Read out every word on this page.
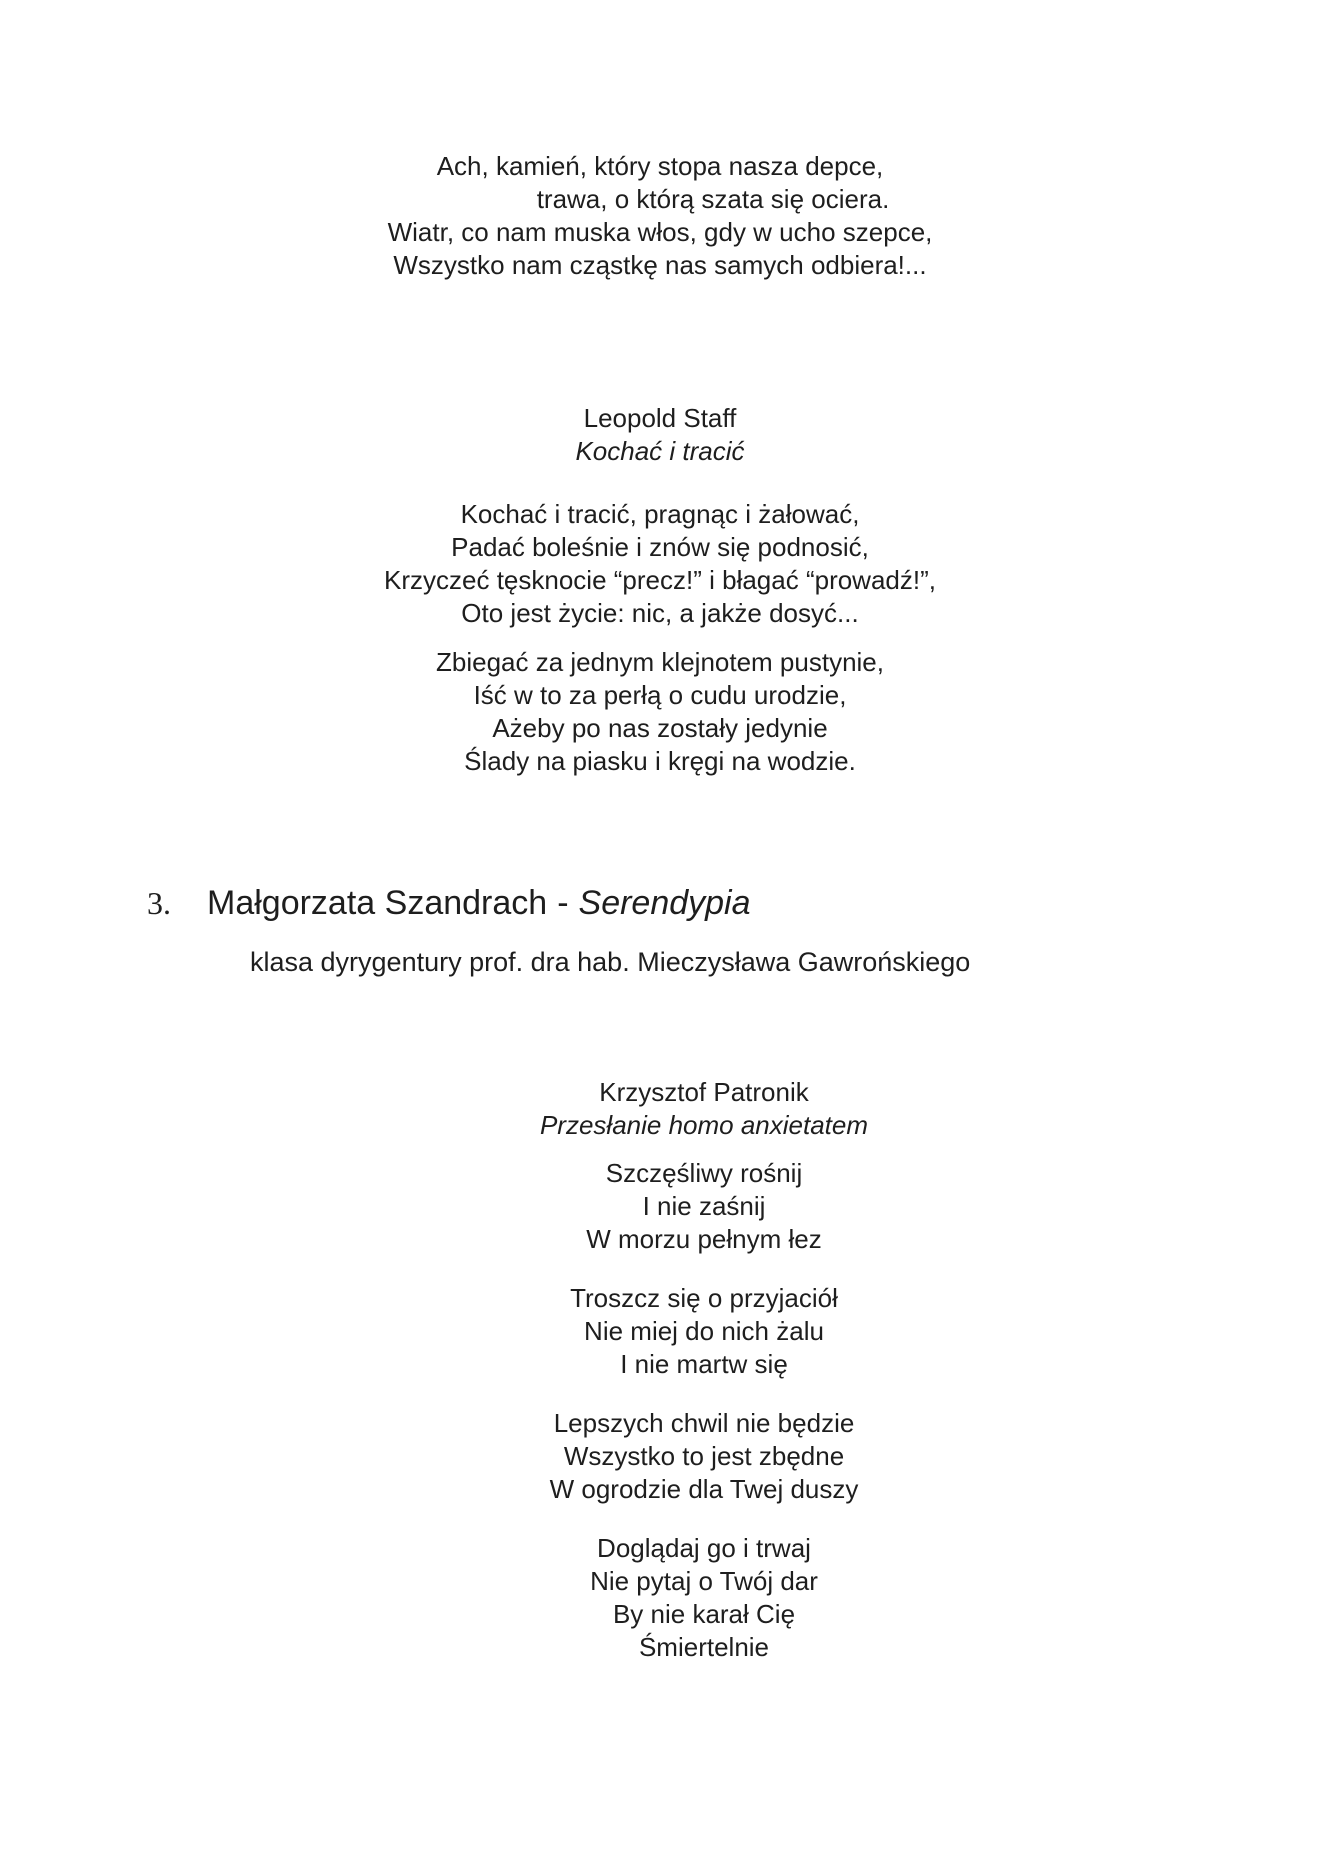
Ach, kamień, który stopa nasza depce,
trawa, o którą szata się ociera.
Wiatr, co nam muska włos, gdy w ucho szepce,
Wszystko nam cząstkę nas samych odbiera!...
Leopold Staff
Kochać i tracić
Kochać i tracić, pragnąc i żałować,
Padać boleśnie i znów się podnosić,
Krzyczeć tęsknocie “precz!” i błagać “prowadź!”,
Oto jest życie: nic, a jakże dosyć...
Zbiegać za jednym klejnotem pustynie,
Iść w to za perłą o cudu urodzie,
Ażeby po nas zostały jedynie
Ślady na piasku i kręgi na wodzie.
3. Małgorzata Szandrach - Serendypia
klasa dyrygentury prof. dra hab. Mieczysława Gawrońskiego
Krzysztof Patronik
Przesłanie homo anxietatem
Szczęśliwy rośnij
I nie zaśnij
W morzu pełnym łez
Troszcz się o przyjaciół
Nie miej do nich żalu
I nie martw się
Lepszych chwil nie będzie
Wszystko to jest zbędne
W ogrodzie dla Twej duszy
Doglądaj go i trwaj
Nie pytaj o Twój dar
By nie karał Cię
Śmiertelnie
